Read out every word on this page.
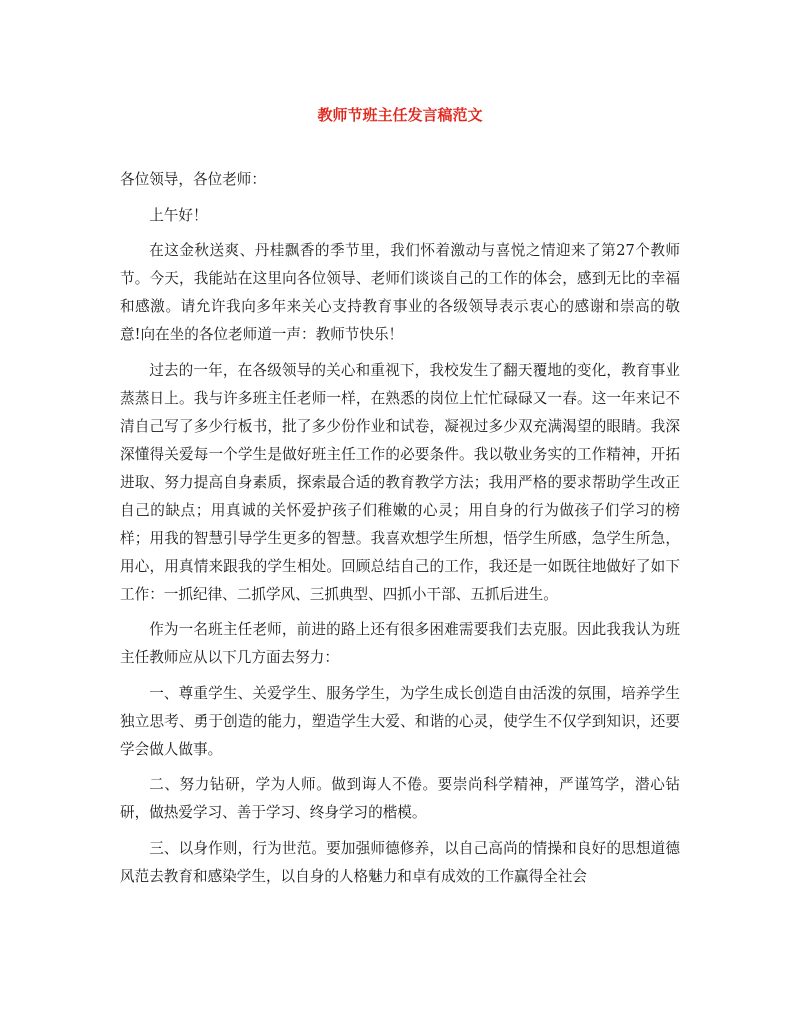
教师节班主任发言稿范文

各位领导，各位老师：

上午好！

在这金秋送爽、丹桂飘香的季节里，我们怀着激动与喜悦之情迎来了第27个教师节。今天，我能站在这里向各位领导、老师们谈谈自己的工作的体会，感到无比的幸福和感激。请允许我向多年来关心支持教育事业的各级领导表示衷心的感谢和崇高的敬意!向在坐的各位老师道一声：教师节快乐！

过去的一年，在各级领导的关心和重视下，我校发生了翻天覆地的变化，教育事业蒸蒸日上。我与许多班主任老师一样，在熟悉的岗位上忙忙碌碌又一春。这一年来记不清自己写了多少行板书，批了多少份作业和试卷，凝视过多少双充满渴望的眼睛。我深深懂得关爱每一个学生是做好班主任工作的必要条件。我以敬业务实的工作精神，开拓进取、努力提高自身素质，探索最合适的教育教学方法；我用严格的要求帮助学生改正自己的缺点；用真诚的关怀爱护孩子们稚嫩的心灵；用自身的行为做孩子们学习的榜样；用我的智慧引导学生更多的智慧。我喜欢想学生所想，悟学生所感，急学生所急，用心，用真情来跟我的学生相处。回顾总结自己的工作，我还是一如既往地做好了如下工作：一抓纪律、二抓学风、三抓典型、四抓小干部、五抓后进生。

作为一名班主任老师，前进的路上还有很多困难需要我们去克服。因此我我认为班主任教师应从以下几方面去努力：

一、尊重学生、关爱学生、服务学生，为学生成长创造自由活泼的氛围，培养学生独立思考、勇于创造的能力，塑造学生大爱、和谐的心灵，使学生不仅学到知识，还要学会做人做事。

二、努力钻研，学为人师。做到诲人不倦。要崇尚科学精神，严谨笃学，潜心钻研，做热爱学习、善于学习、终身学习的楷模。

三、以身作则，行为世范。要加强师德修养，以自己高尚的情操和良好的思想道德风范去教育和感染学生，以自身的人格魅力和卓有成效的工作赢得全社会
